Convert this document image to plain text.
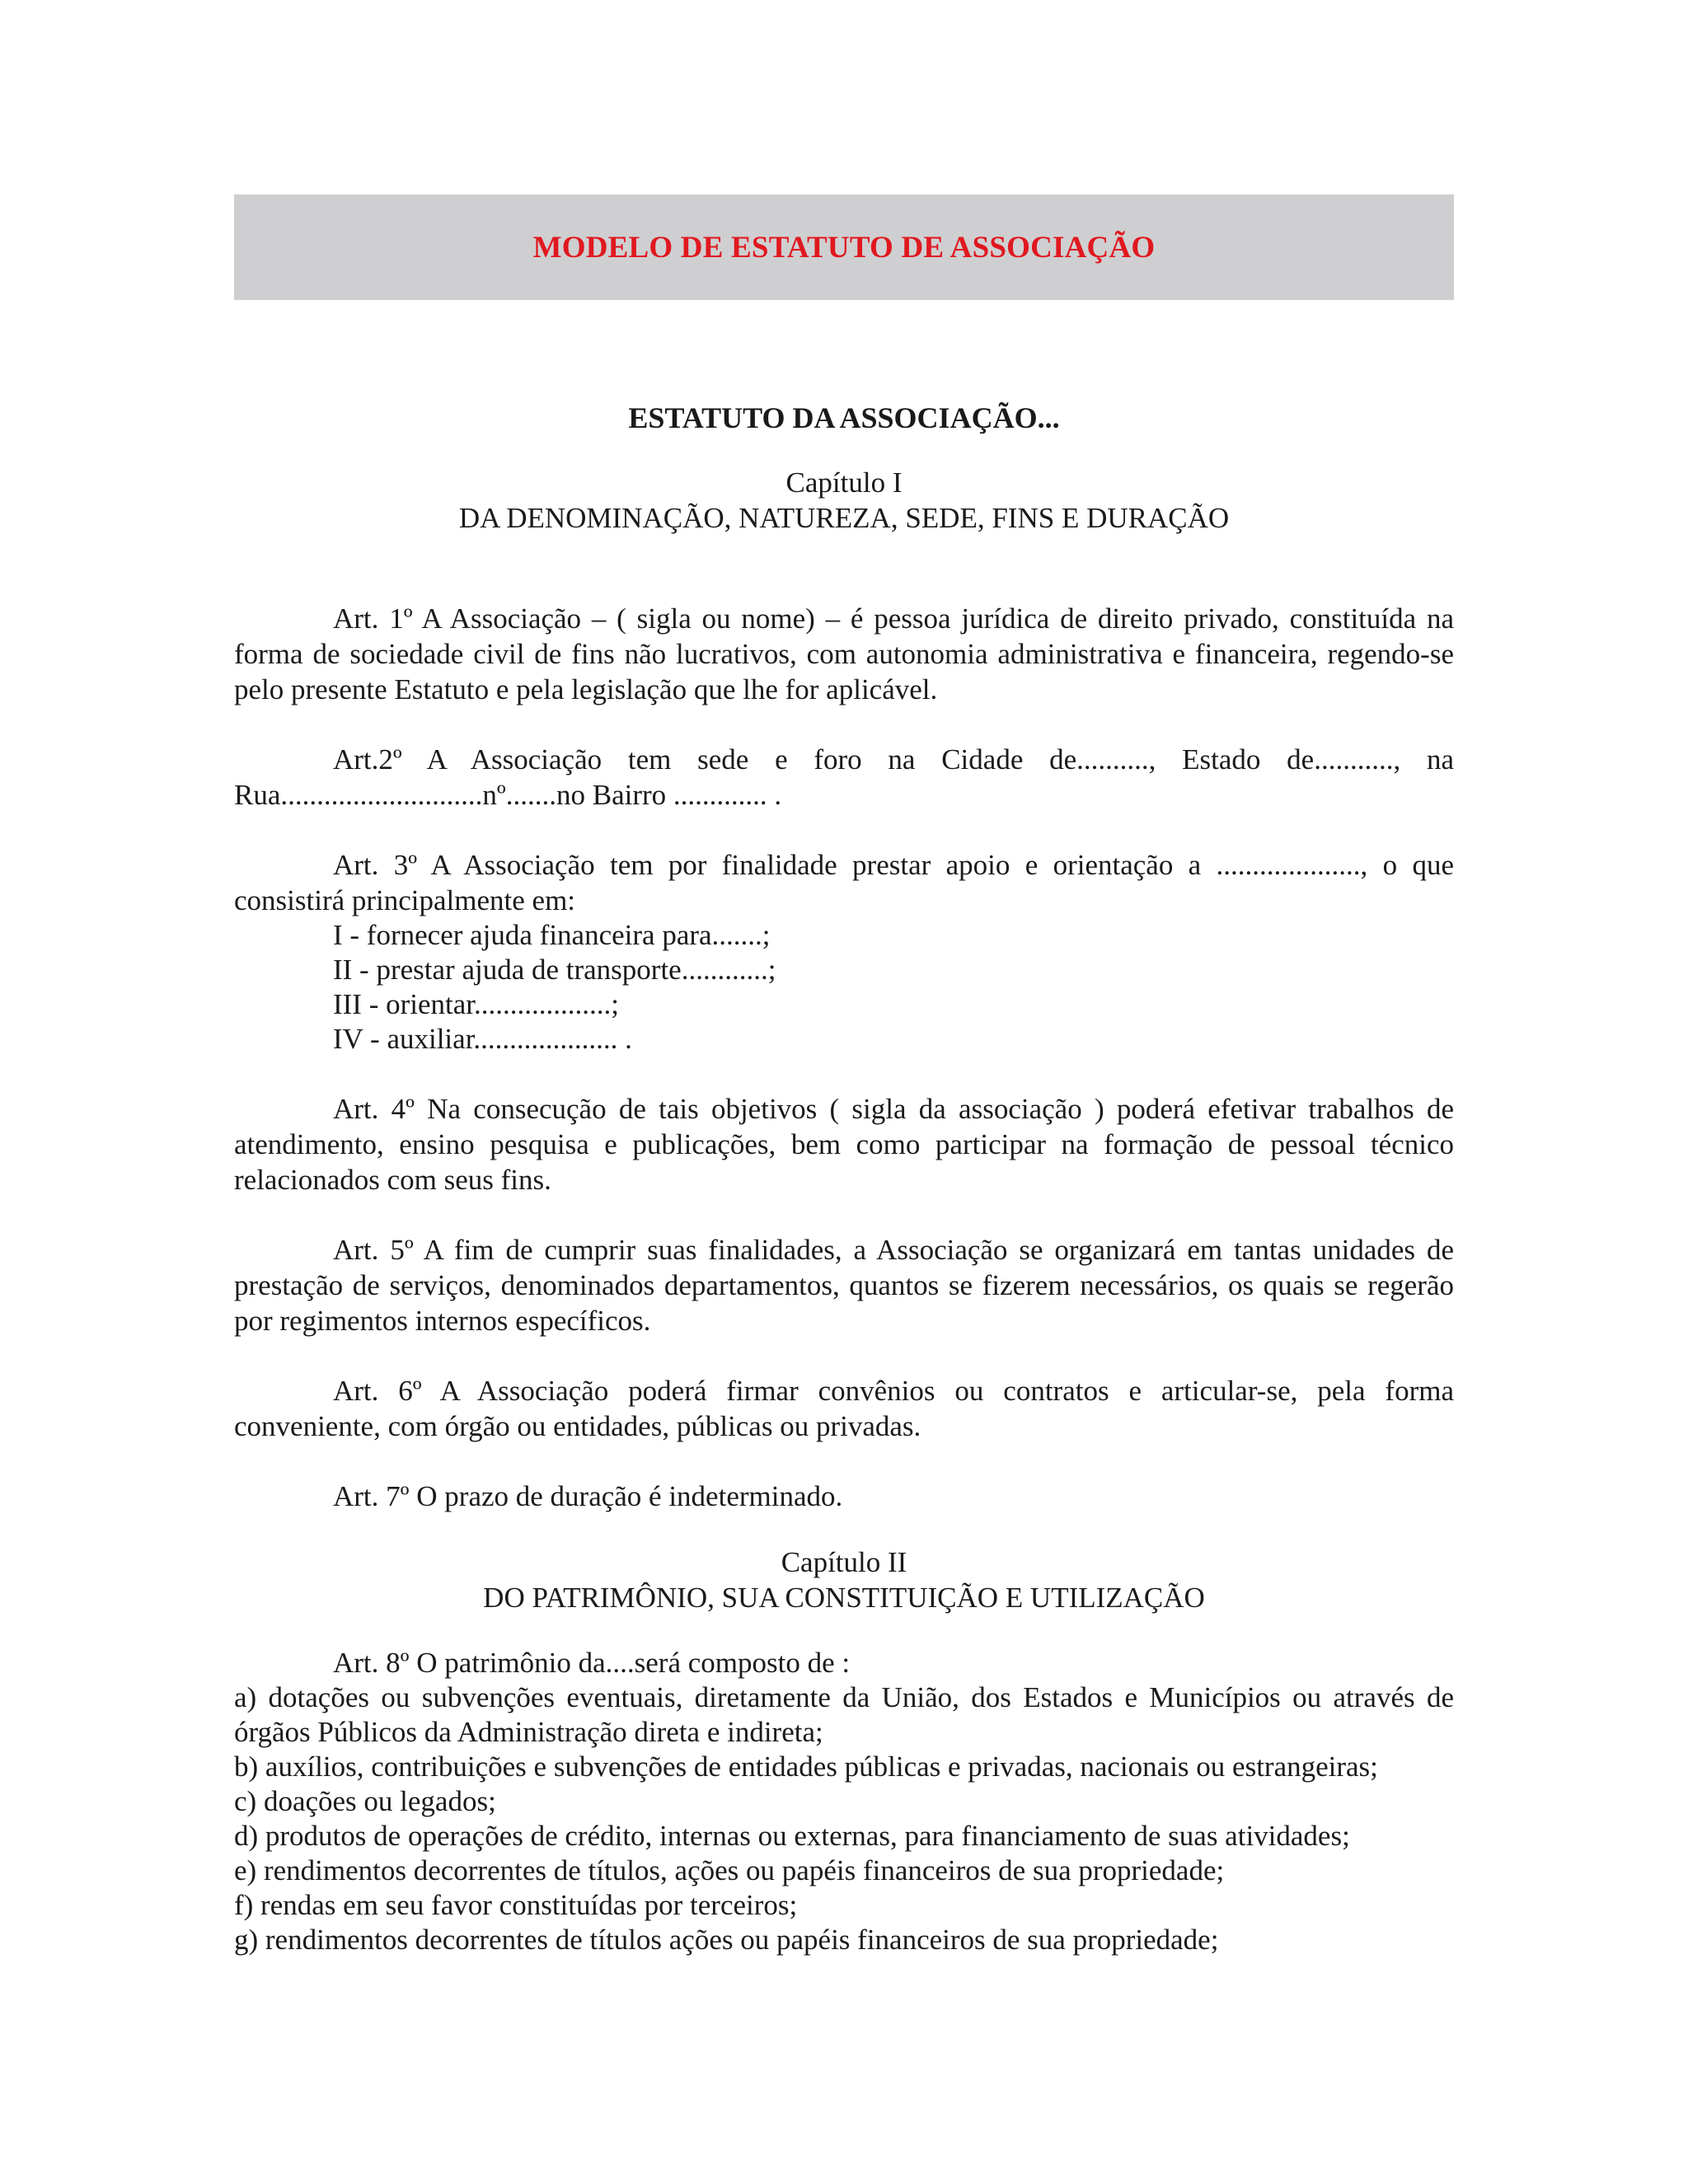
MODELO DE ESTATUTO DE ASSOCIAÇÃO
ESTATUTO DA ASSOCIAÇÃO...
Capítulo I
DA DENOMINAÇÃO, NATUREZA, SEDE, FINS E DURAÇÃO

Art. 1º A Associação – ( sigla ou nome) – é pessoa jurídica de direito privado, constituída na forma de sociedade civil de fins não lucrativos, com autonomia administrativa e financeira, regendo-se pelo presente Estatuto e pela legislação que lhe for aplicável.

Art.2º A Associação tem sede e foro na Cidade de.........., Estado de..........., na Rua............................nº.......no Bairro ............. .

Art. 3º A Associação tem por finalidade prestar apoio e orientação a ...................., o que consistirá principalmente em:

I - fornecer ajuda financeira para.......;
II - prestar ajuda de transporte............;
III - orientar...................;
IV - auxiliar.................... .

Art. 4º Na consecução de tais objetivos ( sigla da associação ) poderá efetivar trabalhos de atendimento, ensino pesquisa e publicações, bem como participar na formação de pessoal técnico relacionados com seus fins.

Art. 5º A fim de cumprir suas finalidades, a Associação se organizará em tantas unidades de prestação de serviços, denominados departamentos, quantos se fizerem necessários, os quais se regerão por regimentos internos específicos.

Art. 6º A Associação poderá firmar convênios ou contratos e articular-se, pela forma conveniente, com órgão ou entidades, públicas ou privadas.

Art. 7º O prazo de duração é indeterminado.

Capítulo II
DO PATRIMÔNIO, SUA CONSTITUIÇÃO E UTILIZAÇÃO

Art. 8º O patrimônio da....será composto de :

a) dotações ou subvenções eventuais, diretamente da União, dos Estados e Municípios ou através de órgãos Públicos da Administração direta e indireta;
b) auxílios, contribuições e subvenções de entidades públicas e privadas, nacionais ou estrangeiras;
c) doações ou legados;
d) produtos de operações de crédito, internas ou externas, para financiamento de suas atividades;
e) rendimentos decorrentes de títulos, ações ou papéis financeiros de sua propriedade;
f) rendas em seu favor constituídas por terceiros;
g) rendimentos decorrentes de títulos ações ou papéis financeiros de sua propriedade;
